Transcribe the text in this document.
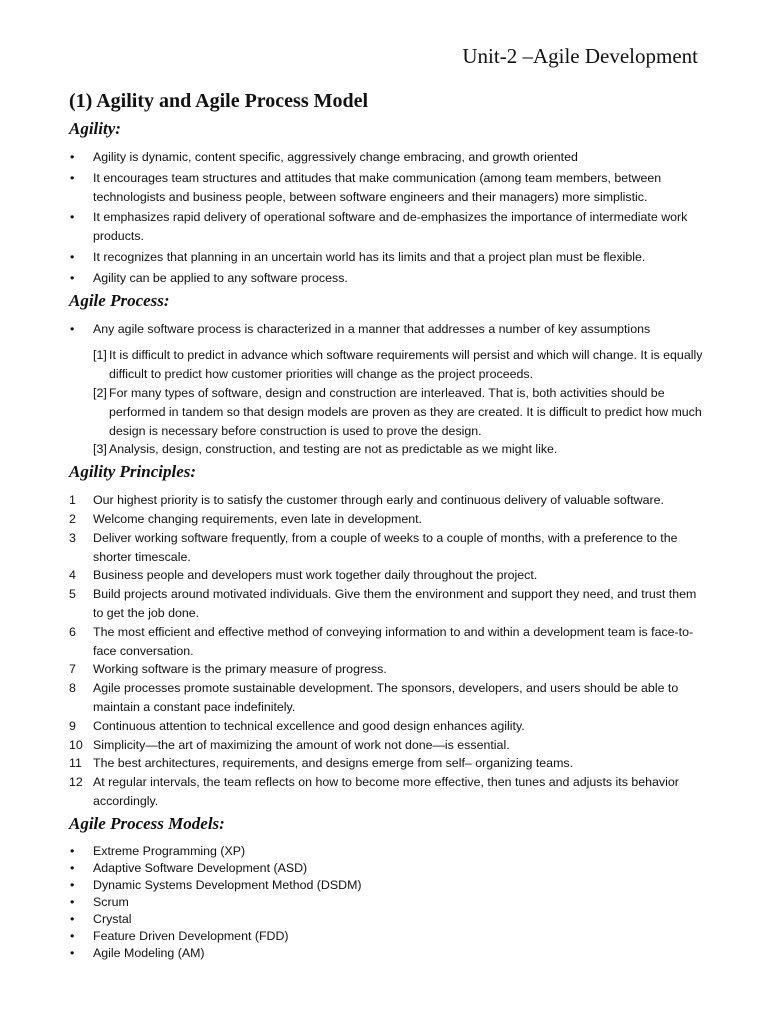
Unit-2 –Agile Development
(1) Agility and Agile Process Model
Agility:
• Agility is dynamic, content specific, aggressively change embracing, and growth oriented
• It encourages team structures and attitudes that make communication (among team members, between technologists and business people, between software engineers and their managers) more simplistic.
• It emphasizes rapid delivery of operational software and de-emphasizes the importance of intermediate work products.
• It recognizes that planning in an uncertain world has its limits and that a project plan must be flexible.
• Agility can be applied to any software process.
Agile Process:
• Any agile software process is characterized in a manner that addresses a number of key assumptions
[1] It is difficult to predict in advance which software requirements will persist and which will change. It is equally difficult to predict how customer priorities will change as the project proceeds.
[2] For many types of software, design and construction are interleaved. That is, both activities should be performed in tandem so that design models are proven as they are created. It is difficult to predict how much design is necessary before construction is used to prove the design.
[3] Analysis, design, construction, and testing are not as predictable as we might like.
Agility Principles:
1	Our highest priority is to satisfy the customer through early and continuous delivery of valuable software.
2	Welcome changing requirements, even late in development.
3	Deliver working software frequently, from a couple of weeks to a couple of months, with a preference to the shorter timescale.
4	Business people and developers must work together daily throughout the project.
5	Build projects around motivated individuals. Give them the environment and support they need, and trust them to get the job done.
6	The most efficient and effective method of conveying information to and within a development team is face-to-face conversation.
7	Working software is the primary measure of progress.
8	Agile processes promote sustainable development. The sponsors, developers, and users should be able to maintain a constant pace indefinitely.
9	Continuous attention to technical excellence and good design enhances agility.
10 Simplicity—the art of maximizing the amount of work not done—is essential.
11 The best architectures, requirements, and designs emerge from self– organizing teams.
12 At regular intervals, the team reflects on how to become more effective, then tunes and adjusts its behavior accordingly.
Agile Process Models:
• Extreme Programming (XP)
• Adaptive Software Development (ASD)
• Dynamic Systems Development Method (DSDM)
• Scrum
• Crystal
• Feature Driven Development (FDD)
• Agile Modeling (AM)
